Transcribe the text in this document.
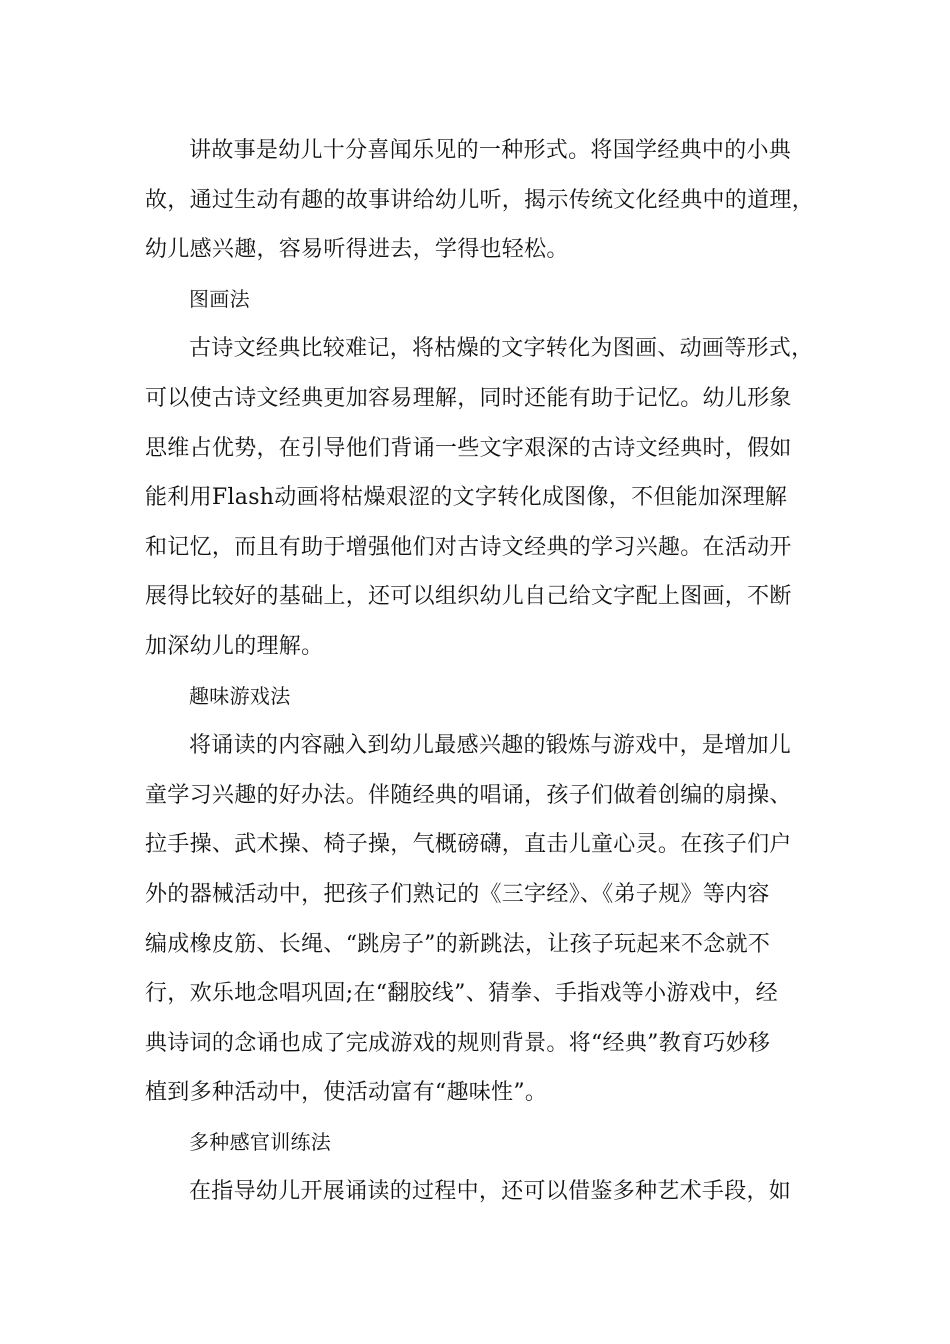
讲故事是幼儿十分喜闻乐见的一种形式。将国学经典中的小典
故，通过生动有趣的故事讲给幼儿听，揭示传统文化经典中的道理，
幼儿感兴趣，容易听得进去，学得也轻松。
图画法
古诗文经典比较难记，将枯燥的文字转化为图画、动画等形式，
可以使古诗文经典更加容易理解，同时还能有助于记忆。幼儿形象
思维占优势，在引导他们背诵一些文字艰深的古诗文经典时，假如
能利用Flash动画将枯燥艰涩的文字转化成图像，不但能加深理解
和记忆，而且有助于增强他们对古诗文经典的学习兴趣。在活动开
展得比较好的基础上，还可以组织幼儿自己给文字配上图画，不断
加深幼儿的理解。
趣味游戏法
将诵读的内容融入到幼儿最感兴趣的锻炼与游戏中，是增加儿
童学习兴趣的好办法。伴随经典的唱诵，孩子们做着创编的扇操、
拉手操、武术操、椅子操，气概磅礴，直击儿童心灵。在孩子们户
外的器械活动中，把孩子们熟记的《三字经》、《弟子规》等内容
编成橡皮筋、长绳、“跳房子”的新跳法，让孩子玩起来不念就不
行，欢乐地念唱巩固;在“翻胶线”、猜拳、手指戏等小游戏中，经
典诗词的念诵也成了完成游戏的规则背景。将“经典”教育巧妙移
植到多种活动中，使活动富有“趣味性”。
多种感官训练法
在指导幼儿开展诵读的过程中，还可以借鉴多种艺术手段，如
